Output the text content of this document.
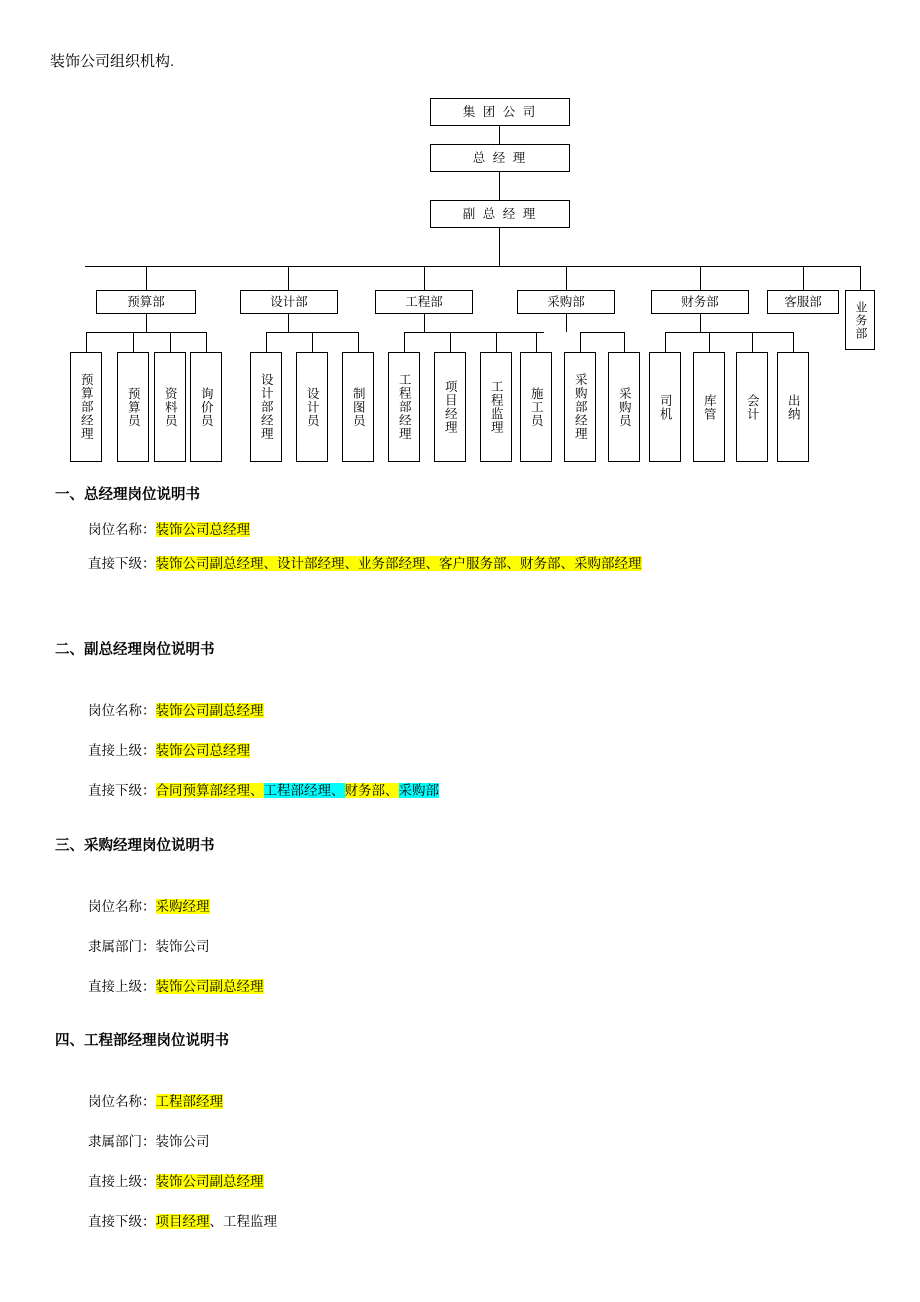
装饰公司组织机构.
集 团 公 司
总 经 理
副 总 经 理
预算部	设计部	工程部	采购部	财务部	客服部	业务部
预算部经理	预算员	资料员	询价员	设计部经理	设计员	制图员	工程部经理	项目经理	工程监理	施工员	采购部经理	采购员	司机	库管	会计	出纳
一、总经理岗位说明书
岗位名称：装饰公司总经理
直接下级：装饰公司副总经理、设计部经理、业务部经理、客户服务部、财务部、采购部经理
二、副总经理岗位说明书
岗位名称：装饰公司副总经理
直接上级：装饰公司总经理
直接下级：合同预算部经理、工程部经理、财务部、采购部
三、采购经理岗位说明书
岗位名称：采购经理
隶属部门：装饰公司
直接上级：装饰公司副总经理
四、工程部经理岗位说明书
岗位名称：工程部经理
隶属部门：装饰公司
直接上级：装饰公司副总经理
直接下级：项目经理、工程监理
